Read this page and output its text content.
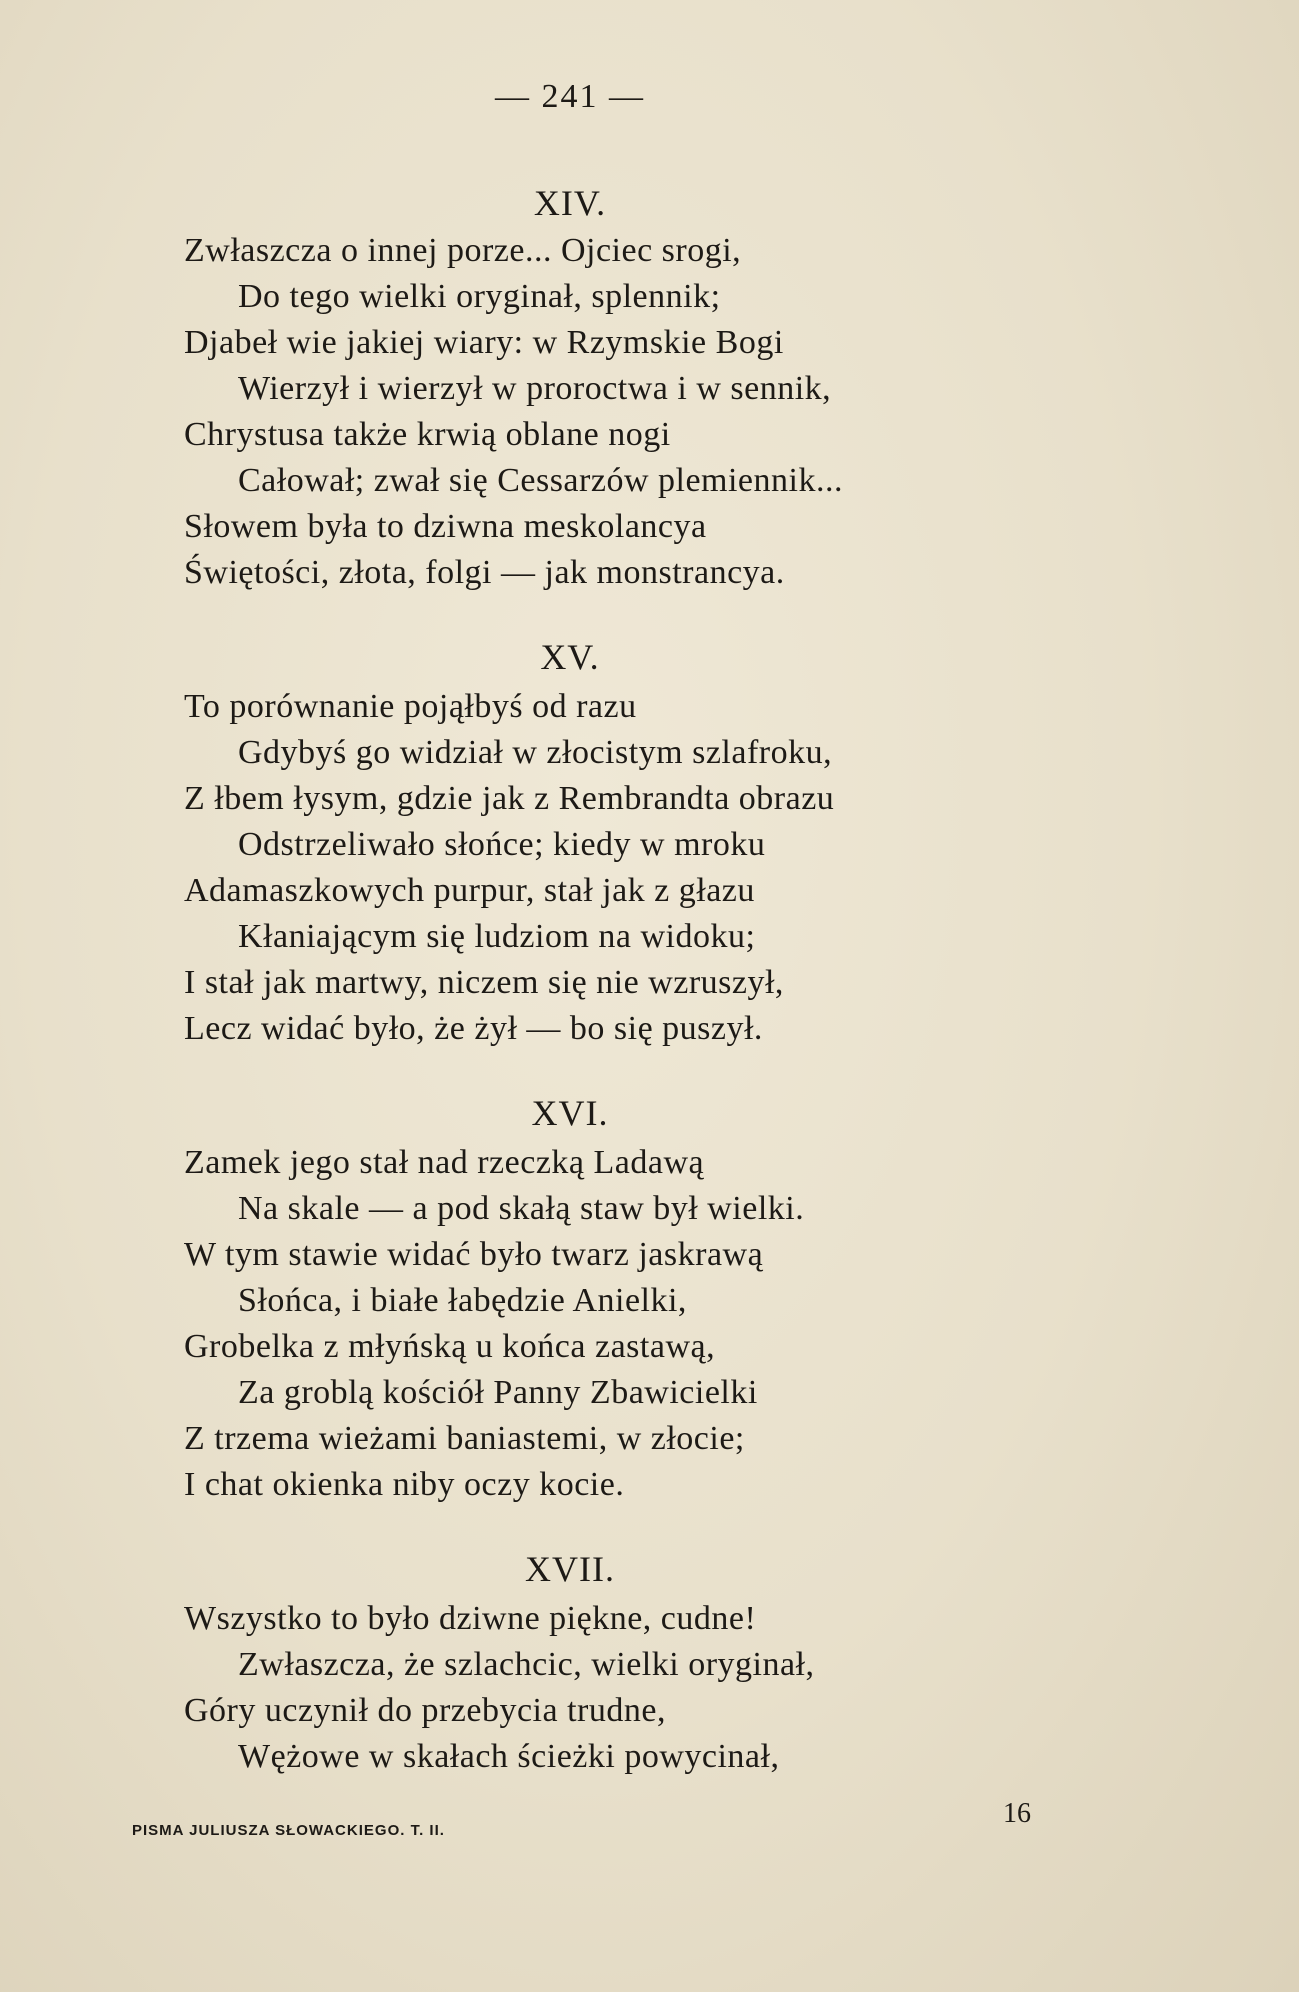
— 241 —
XIV.
Zwłaszcza o innej porze... Ojciec srogi,
Do tego wielki oryginał, splennik;
Djabeł wie jakiej wiary: w Rzymskie Bogi
Wierzył i wierzył w proroctwa i w sennik,
Chrystusa także krwią oblane nogi
Całował; zwał się Cessarzów plemiennik...
Słowem była to dziwna meskolancya
Świętości, złota, folgi — jak monstrancya.
XV.
To porównanie pojąłbyś od razu
Gdybyś go widział w złocistym szlafroku,
Z łbem łysym, gdzie jak z Rembrandta obrazu
Odstrzeliwało słońce; kiedy w mroku
Adamaszkowych purpur, stał jak z głazu
Kłaniającym się ludziom na widoku;
I stał jak martwy, niczem się nie wzruszył,
Lecz widać było, że żył — bo się puszył.
XVI.
Zamek jego stał nad rzeczką Ladawą
Na skale — a pod skałą staw był wielki.
W tym stawie widać było twarz jaskrawą
Słońca, i białe łabędzie Anielki,
Grobelka z młyńską u końca zastawą,
Za groblą kościół Panny Zbawicielki
Z trzema wieżami baniastemi, w złocie;
I chat okienka niby oczy kocie.
XVII.
Wszystko to było dziwne piękne, cudne!
Zwłaszcza, że szlachcic, wielki oryginał,
Góry uczynił do przebycia trudne,
Wężowe w skałach ścieżki powycinał,
PISMA JULIUSZA SŁOWACKIEGO. T. II.
16
